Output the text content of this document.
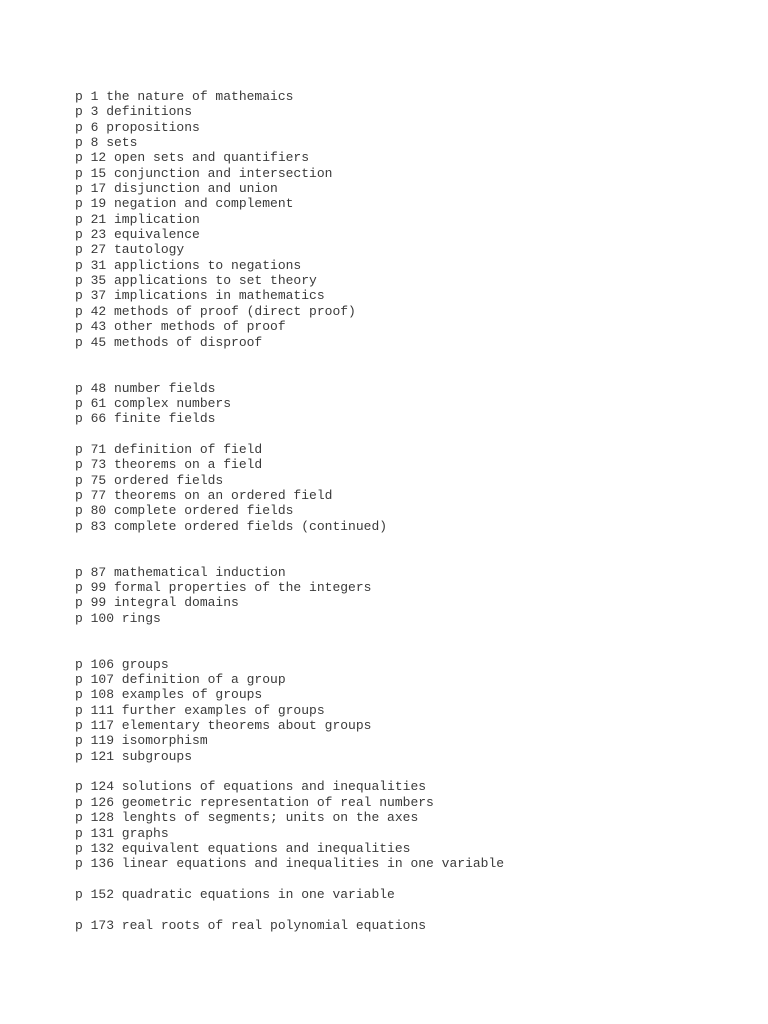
p 1 the nature of mathemaics
p 3 definitions
p 6 propositions
p 8 sets
p 12 open sets and quantifiers
p 15 conjunction and intersection
p 17 disjunction and union
p 19 negation and complement
p 21 implication
p 23 equivalence
p 27 tautology
p 31 applictions to negations
p 35 applications to set theory
p 37 implications in mathematics
p 42 methods of proof (direct proof)
p 43 other methods of proof
p 45 methods of disproof
p 48 number fields
p 61 complex numbers
p 66 finite fields
p 71 definition of field
p 73 theorems on a field
p 75 ordered fields
p 77 theorems on an ordered field
p 80 complete ordered fields
p 83 complete ordered fields (continued)
p 87 mathematical induction
p 99 formal properties of the integers
p 99 integral domains
p 100 rings
p 106 groups
p 107 definition of a group
p 108 examples of groups
p 111 further examples of groups
p 117 elementary theorems about groups
p 119 isomorphism
p 121 subgroups
p 124 solutions of equations and inequalities
p 126 geometric representation of real numbers
p 128 lenghts of segments; units on the axes
p 131 graphs
p 132 equivalent equations and inequalities
p 136 linear equations and inequalities in one variable
p 152 quadratic equations in one variable
p 173 real roots of real polynomial equations
